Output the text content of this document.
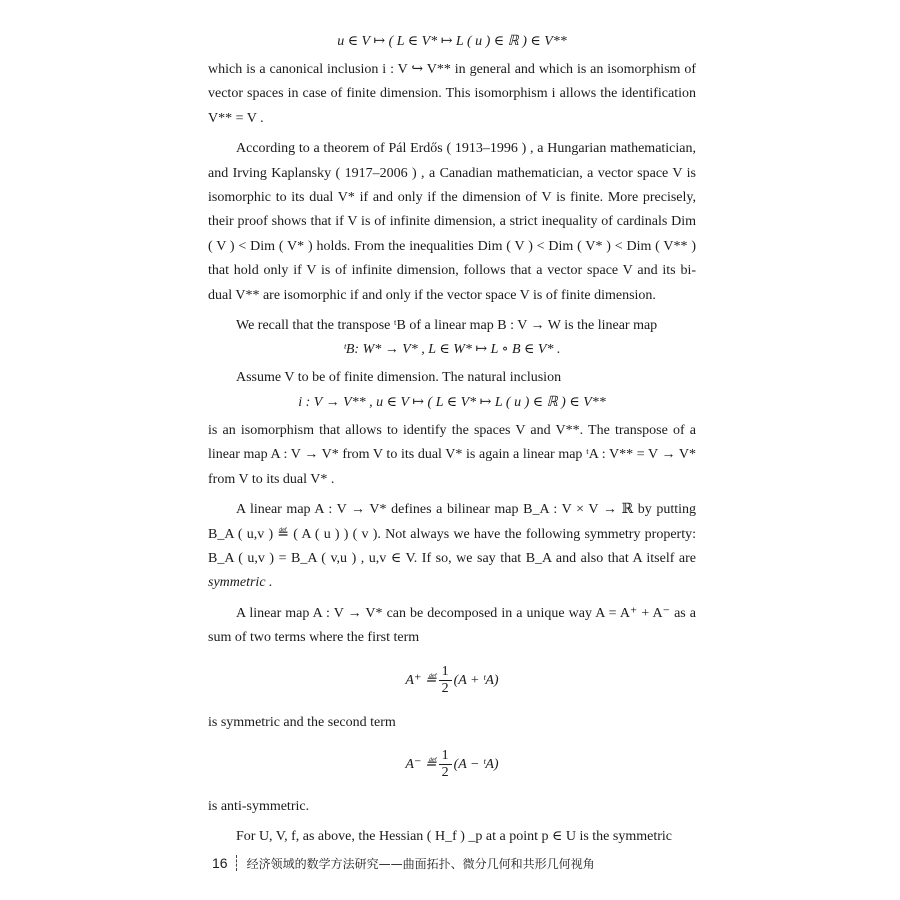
u ∈ V ↦ ( L ∈ V* ↦ L ( u ) ∈ ℝ ) ∈ V**

which is a canonical inclusion i : V ↪ V** in general and which is an isomorphism of vector spaces in case of finite dimension. This isomorphism i allows the identification V** = V .

According to a theorem of Pál Erdős ( 1913–1996 ) , a Hungarian mathematician, and Irving Kaplansky ( 1917–2006 ) , a Canadian mathematician, a vector space V is isomorphic to its dual V* if and only if the dimension of V is finite. More precisely, their proof shows that if V is of infinite dimension, a strict inequality of cardinals Dim ( V ) < Dim ( V* ) holds. From the inequalities Dim ( V ) < Dim ( V* ) < Dim ( V** ) that hold only if V is of infinite dimension, follows that a vector space V and its bi-dual V** are isomorphic if and only if the vector space V is of finite dimension.

We recall that the transpose ᵗB of a linear map B : V → W is the linear map

ᵗB: W* → V* , L ∈ W* ↦ L ∘ B ∈ V* .

Assume V to be of finite dimension. The natural inclusion

i : V → V** , u ∈ V ↦ ( L ∈ V* ↦ L ( u ) ∈ ℝ ) ∈ V**

is an isomorphism that allows to identify the spaces V and V**. The transpose of a linear map A : V → V* from V to its dual V* is again a linear map ᵗA : V** = V → V* from V to its dual V* .

A linear map A : V → V* defines a bilinear map B_A : V × V → ℝ by putting B_A ( u,v ) ≝ ( A ( u ) ) ( v ). Not always we have the following symmetry property: B_A ( u,v ) = B_A ( v,u ) , u,v ∈ V. If so, we say that B_A and also that A itself are symmetric .

A linear map A : V → V* can be decomposed in a unique way A = A⁺ + A⁻ as a sum of two terms where the first term

A⁺ ≝ $\frac{1}{2} (A$ + ᵗA)

is symmetric and the second term

A⁻ ≝ $\frac{1}{2} (A$ − ᵗA)

is anti-symmetric.

For U, V, f, as above, the Hessian ( H_f ) _p at a point p ∈ U is the symmetric

16 经济领域的数学方法研究——曲面拓扑、微分几何和共形几何视角
